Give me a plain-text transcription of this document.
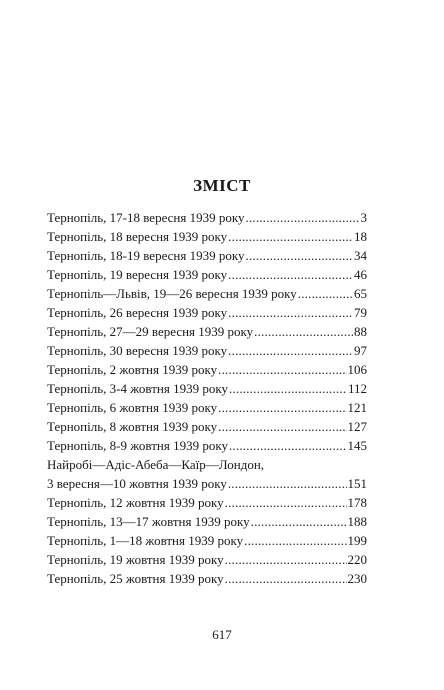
ЗМІСТ
Тернопіль, 17-18 вересня 1939 року .....	3
Тернопіль, 18 вересня 1939 року .....	18
Тернопіль, 18-19 вересня 1939 року .....	34
Тернопіль, 19 вересня 1939 року .....	46
Тернопіль—Львів, 19—26 вересня 1939 року .....	65
Тернопіль, 26 вересня 1939 року .....	79
Тернопіль, 27—29 вересня 1939 року .....	88
Тернопіль, 30 вересня 1939 року .....	97
Тернопіль, 2 жовтня 1939 року .....	106
Тернопіль, 3-4 жовтня 1939 року .....	112
Тернопіль, 6 жовтня 1939 року .....	121
Тернопіль, 8 жовтня 1939 року .....	127
Тернопіль, 8-9 жовтня 1939 року .....	145
Найробі—Адіс-Абеба—Каїр—Лондон,
3 вересня—10 жовтня 1939 року .....	151
Тернопіль, 12 жовтня 1939 року .....	178
Тернопіль, 13—17 жовтня 1939 року .....	188
Тернопіль, 1—18 жовтня 1939 року .....	199
Тернопіль, 19 жовтня 1939 року .....	220
Тернопіль, 25 жовтня 1939 року .....	230
617
